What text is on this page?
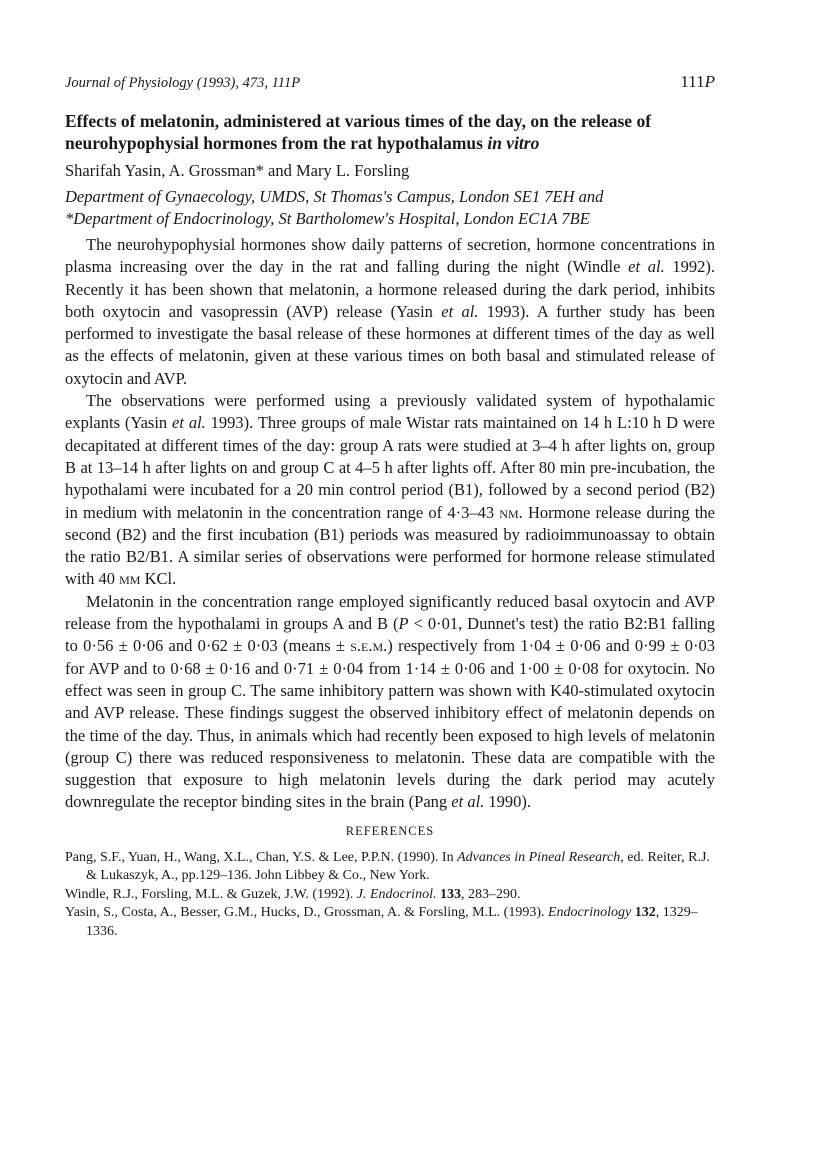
Journal of Physiology (1993), 473, 111P	111P
Effects of melatonin, administered at various times of the day, on the release of neurohypophysial hormones from the rat hypothalamus in vitro

Sharifah Yasin, A. Grossman* and Mary L. Forsling

Department of Gynaecology, UMDS, St Thomas's Campus, London SE1 7EH and
*Department of Endocrinology, St Bartholomew's Hospital, London EC1A 7BE

The neurohypophysial hormones show daily patterns of secretion, hormone concentrations in plasma increasing over the day in the rat and falling during the night (Windle et al. 1992). Recently it has been shown that melatonin, a hormone released during the dark period, inhibits both oxytocin and vasopressin (AVP) release (Yasin et al. 1993). A further study has been performed to investigate the basal release of these hormones at different times of the day as well as the effects of melatonin, given at these various times on both basal and stimulated release of oxytocin and AVP.

The observations were performed using a previously validated system of hypothalamic explants (Yasin et al. 1993). Three groups of male Wistar rats maintained on 14 h L:10 h D were decapitated at different times of the day: group A rats were studied at 3–4 h after lights on, group B at 13–14 h after lights on and group C at 4–5 h after lights off. After 80 min pre-incubation, the hypothalami were incubated for a 20 min control period (B1), followed by a second period (B2) in medium with melatonin in the concentration range of 4·3–43 nm. Hormone release during the second (B2) and the first incubation (B1) periods was measured by radioimmunoassay to obtain the ratio B2/B1. A similar series of observations were performed for hormone release stimulated with 40 mm KCl.

Melatonin in the concentration range employed significantly reduced basal oxytocin and AVP release from the hypothalami in groups A and B (P < 0·01, Dunnet's test) the ratio B2:B1 falling to 0·56 ± 0·06 and 0·62 ± 0·03 (means ± s.e.m.) respectively from 1·04 ± 0·06 and 0·99 ± 0·03 for AVP and to 0·68 ± 0·16 and 0·71 ± 0·04 from 1·14 ± 0·06 and 1·00 ± 0·08 for oxytocin. No effect was seen in group C. The same inhibitory pattern was shown with K40-stimulated oxytocin and AVP release. These findings suggest the observed inhibitory effect of melatonin depends on the time of the day. Thus, in animals which had recently been exposed to high levels of melatonin (group C) there was reduced responsiveness to melatonin. These data are compatible with the suggestion that exposure to high melatonin levels during the dark period may acutely downregulate the receptor binding sites in the brain (Pang et al. 1990).

REFERENCES

Pang, S.F., Yuan, H., Wang, X.L., Chan, Y.S. & Lee, P.P.N. (1990). In Advances in Pineal Research, ed. Reiter, R.J. & Lukaszyk, A., pp.129–136. John Libbey & Co., New York.

Windle, R.J., Forsling, M.L. & Guzek, J.W. (1992). J. Endocrinol. 133, 283–290.

Yasin, S., Costa, A., Besser, G.M., Hucks, D., Grossman, A. & Forsling, M.L. (1993). Endocrinology 132, 1329–1336.
